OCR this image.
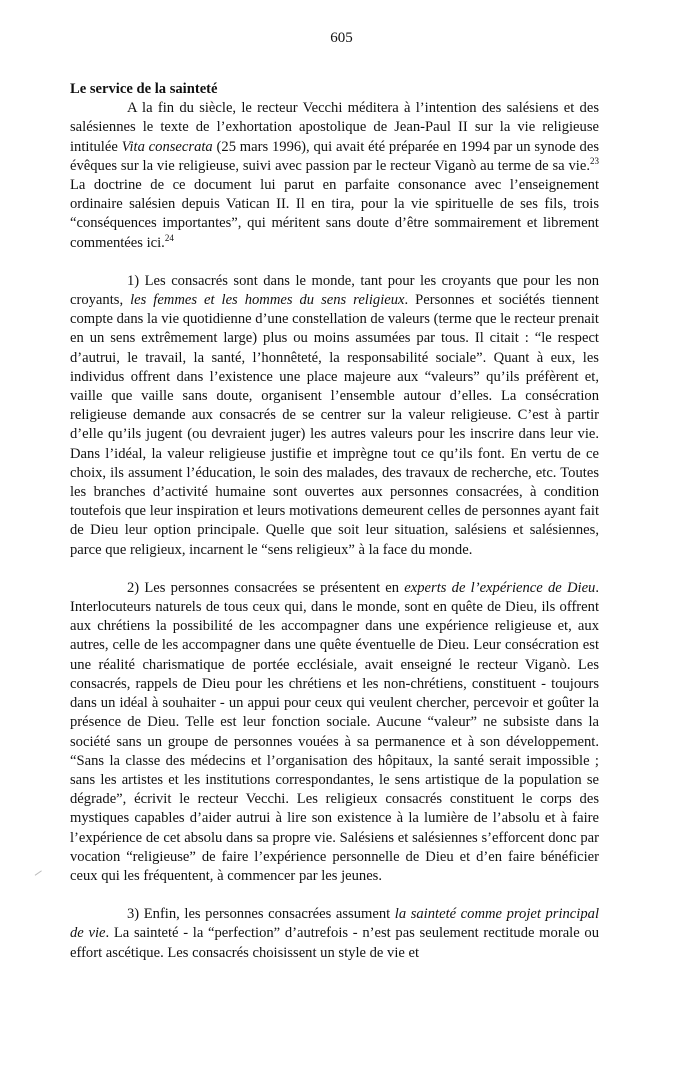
605
Le service de la sainteté

A la fin du siècle, le recteur Vecchi méditera à l’intention des salésiens et des salésiennes le texte de l’exhortation apostolique de Jean-Paul II sur la vie religieuse intitulée Vita consecrata (25 mars 1996), qui avait été préparée en 1994 par un synode des évêques sur la vie religieuse, suivi avec passion par le recteur Viganò au terme de sa vie.$^{23}$ La doctrine de ce document lui parut en parfaite consonance avec l’enseignement ordinaire salésien depuis Vatican II. Il en tira, pour la vie spirituelle de ses fils, trois “conséquences importantes”, qui méritent sans doute d’être sommairement et librement commentées ici.$^{24}$

1) Les consacrés sont dans le monde, tant pour les croyants que pour les non croyants, les femmes et les hommes du sens religieux. Personnes et sociétés tiennent compte dans la vie quotidienne d’une constellation de valeurs (terme que le recteur prenait en un sens extrêmement large) plus ou moins assumées par tous. Il citait : “le respect d’autrui, le travail, la santé, l’honnêteté, la responsabilité sociale”. Quant à eux, les individus offrent dans l’existence une place majeure aux “valeurs” qu’ils préfèrent et, vaille que vaille sans doute, organisent l’ensemble autour d’elles. La consécration religieuse demande aux consacrés de se centrer sur la valeur religieuse. C’est à partir d’elle qu’ils jugent (ou devraient juger) les autres valeurs pour les inscrire dans leur vie. Dans l’idéal, la valeur religieuse justifie et imprègne tout ce qu’ils font. En vertu de ce choix, ils assument l’éducation, le soin des malades, des travaux de recherche, etc. Toutes les branches d’activité humaine sont ouvertes aux personnes consacrées, à condition toutefois que leur inspiration et leurs motivations demeurent celles de personnes ayant fait de Dieu leur option principale. Quelle que soit leur situation, salésiens et salésiennes, parce que religieux, incarnent le “sens religieux” à la face du monde.

2) Les personnes consacrées se présentent en experts de l’expérience de Dieu. Interlocuteurs naturels de tous ceux qui, dans le monde, sont en quête de Dieu, ils offrent aux chrétiens la possibilité de les accompagner dans une expérience religieuse et, aux autres, celle de les accompagner dans une quête éventuelle de Dieu. Leur consécration est une réalité charismatique de portée ecclésiale, avait enseigné le recteur Viganò. Les consacrés, rappels de Dieu pour les chrétiens et les non-chrétiens, constituent - toujours dans un idéal à souhaiter - un appui pour ceux qui veulent chercher, percevoir et goûter la présence de Dieu. Telle est leur fonction sociale. Aucune “valeur” ne subsiste dans la société sans un groupe de personnes vouées à sa permanence et à son développement. “Sans la classe des médecins et l’organisation des hôpitaux, la santé serait impossible ; sans les artistes et les institutions correspondantes, le sens artistique de la population se dégrade”, écrivit le recteur Vecchi. Les religieux consacrés constituent le corps des mystiques capables d’aider autrui à lire son existence à la lumière de l’absolu et à faire l’expérience de cet absolu dans sa propre vie. Salésiens et salésiennes s’efforcent donc par vocation “religieuse” de faire l’expérience personnelle de Dieu et d’en faire bénéficier ceux qui les fréquentent, à commencer par les jeunes.

3) Enfin, les personnes consacrées assument la sainteté comme projet principal de vie. La sainteté - la “perfection” d’autrefois - n’est pas seulement rectitude morale ou effort ascétique. Les consacrés choisissent un style de vie et
